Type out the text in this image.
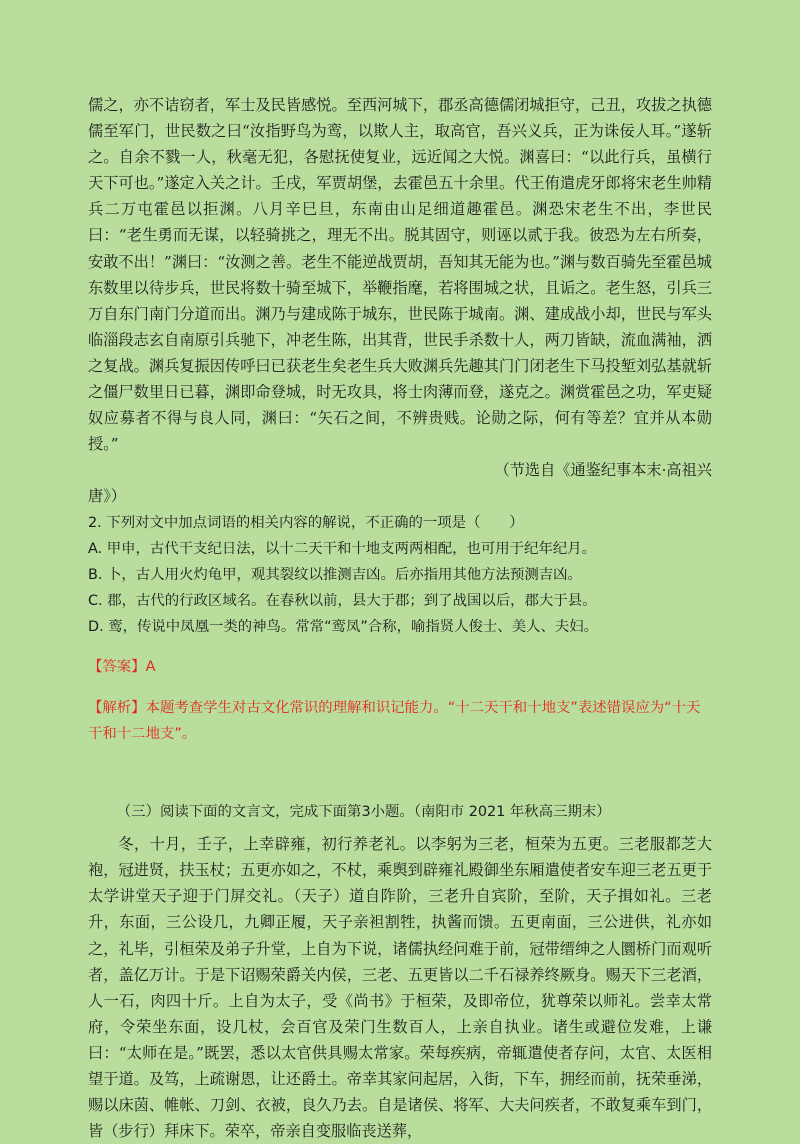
儒之，亦不诘窃者，军士及民皆感悦。至西河城下，郡丞高德儒闭城拒守，己丑，攻拔之执德儒至军门，世民数之曰“汝指野鸟为鸾，以欺人主，取高官，吾兴义兵，正为诛佞人耳。”遂斩之。自余不戮一人，秋毫无犯，各慰抚使复业，远近闻之大悦。渊喜曰：“以此行兵，虽横行天下可也。”遂定入关之计。壬戌，军贾胡堡，去霍邑五十余里。代王侑遣虎牙郎将宋老生帅精兵二万屯霍邑以拒渊。八月辛巳旦，东南由山足细道趣霍邑。渊恐宋老生不出，李世民曰：“老生勇而无谋，以轻骑挑之，理无不出。脱其固守，则诬以贰于我。彼恐为左右所奏，安敢不出！”渊曰：“汝测之善。老生不能逆战贾胡，吾知其无能为也。”渊与数百骑先至霍邑城东数里以待步兵，世民将数十骑至城下，举鞭指麾，若将围城之状，且诟之。老生怒，引兵三万自东门南门分道而出。渊乃与建成陈于城东，世民陈于城南。渊、建成战小却，世民与军头临淄段志玄自南原引兵驰下，冲老生陈，出其背，世民手杀数十人，两刀皆缺，流血满袖，洒之复战。渊兵复振因传呼曰已获老生矣老生兵大败渊兵先趣其门门闭老生下马投堑刘弘基就斩之僵尸数里日已暮，渊即命登城，时无攻具，将士肉薄而登，遂克之。渊赏霍邑之功，军吏疑奴应募者不得与良人同，渊曰：“矢石之间，不辨贵贱。论勋之际，何有等差？宜并从本勋授。”

（节选自《通鉴纪事本末·高祖兴

唐》）

2. 下列对文中加点词语的相关内容的解说，不正确的一项是（　　）

A. 甲申，古代干支纪日法，以十二天干和十地支两两相配，也可用于纪年纪月。

B. 卜，古人用火灼龟甲，观其裂纹以推测吉凶。后亦指用其他方法预测吉凶。

C. 郡，古代的行政区域名。在春秋以前，县大于郡；到了战国以后，郡大于县。

D. 鸾，传说中凤凰一类的神鸟。常常“鸾凤”合称，喻指贤人俊士、美人、夫妇。

【答案】A

【解析】本题考查学生对古文化常识的理解和识记能力。“十二天干和十地支”表述错误应为“十天干和十二地支”。

（三）阅读下面的文言文，完成下面第3小题。（南阳市 2021 年秋高三期末）

冬，十月，壬子，上幸辟雍，初行养老礼。以李躬为三老，桓荣为五更。三老服都芝大袍，冠进贤，扶玉杖；五更亦如之，不杖，乘舆到辟雍礼殿御坐东厢遣使者安车迎三老五更于太学讲堂天子迎于门屏交礼。（天子）道自阼阶，三老升自宾阶，至阶，天子揖如礼。三老升，东面，三公设几，九卿正履，天子亲袒割牲，执酱而馈。五更南面，三公进供，礼亦如之，礼毕，引桓荣及弟子升堂，上自为下说，诸儒执经问难于前，冠带缙绅之人圜桥门而观听者，盖亿万计。于是下诏赐荣爵关内侯，三老、五更皆以二千石禄养终厥身。赐天下三老酒，人一石，肉四十斤。上自为太子，受《尚书》于桓荣，及即帝位，犹尊荣以师礼。尝幸太常府，令荣坐东面，设几杖，会百官及荣门生数百人，上亲自执业。诸生或避位发难，上谦曰：“太师在是。”既罢，悉以太官供具赐太常家。荣每疾病，帝辄遣使者存问，太官、太医相望于道。及笃，上疏谢恩，让还爵土。帝幸其家问起居，入街，下车，拥经而前，抚荣垂涕，赐以床茵、帷帐、刀剑、衣被，良久乃去。自是诸侯、将军、大夫问疾者，不敢复乘车到门，皆（步行）拜床下。荣卒，帝亲自变服临丧送葬，
